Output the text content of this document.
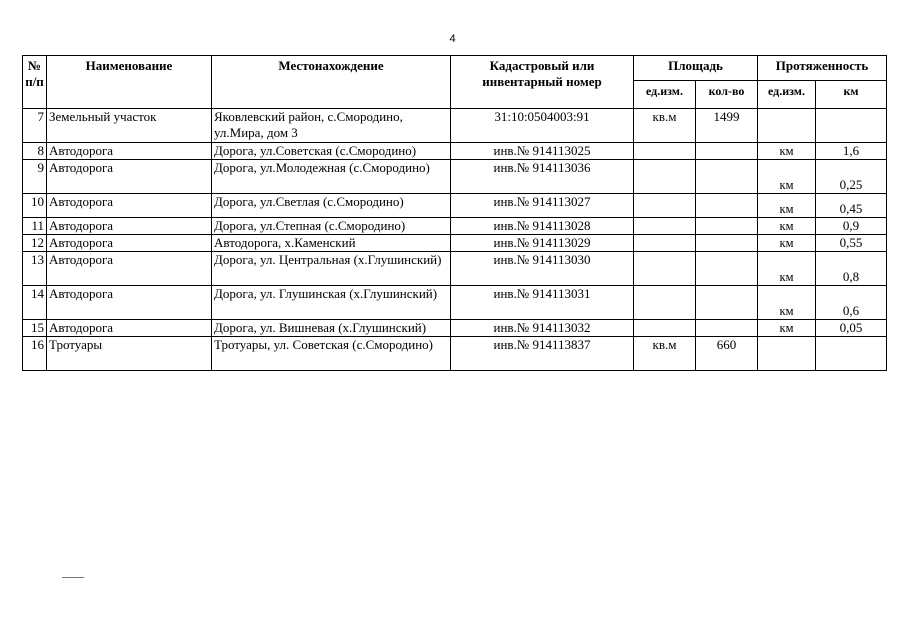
4
№ п/п	Наименование	Местонахождение	Кадастровый или инвентарный номер	Площадь		Протяженность	
				ед.изм.	кол-во	ед.изм.	км
7	Земельный участок	Яковлевский район, с.Смородино, ул.Мира, дом 3	31:10:0504003:91	кв.м	1499		
8	Автодорога	Дорога, ул.Советская (с.Смородино)	инв.№ 914113025			км	1,6
9	Автодорога	Дорога, ул.Молодежная (с.Смородино)	инв.№ 914113036			км	0,25
10	Автодорога	Дорога, ул.Светлая (с.Смородино)	инв.№ 914113027			км	0,45
11	Автодорога	Дорога, ул.Степная (с.Смородино)	инв.№ 914113028			км	0,9
12	Автодорога	Автодорога, х.Каменский	инв.№ 914113029			км	0,55
13	Автодорога	Дорога, ул. Центральная (х.Глушинский)	инв.№ 914113030			км	0,8
14	Автодорога	Дорога, ул. Глушинская (х.Глушинский)	инв.№ 914113031			км	0,6
15	Автодорога	Дорога, ул. Вишневая (х.Глушинский)	инв.№ 914113032			км	0,05
16	Тротуары	Тротуары, ул. Советская (с.Смородино)	инв.№ 914113837	кв.м	660		
